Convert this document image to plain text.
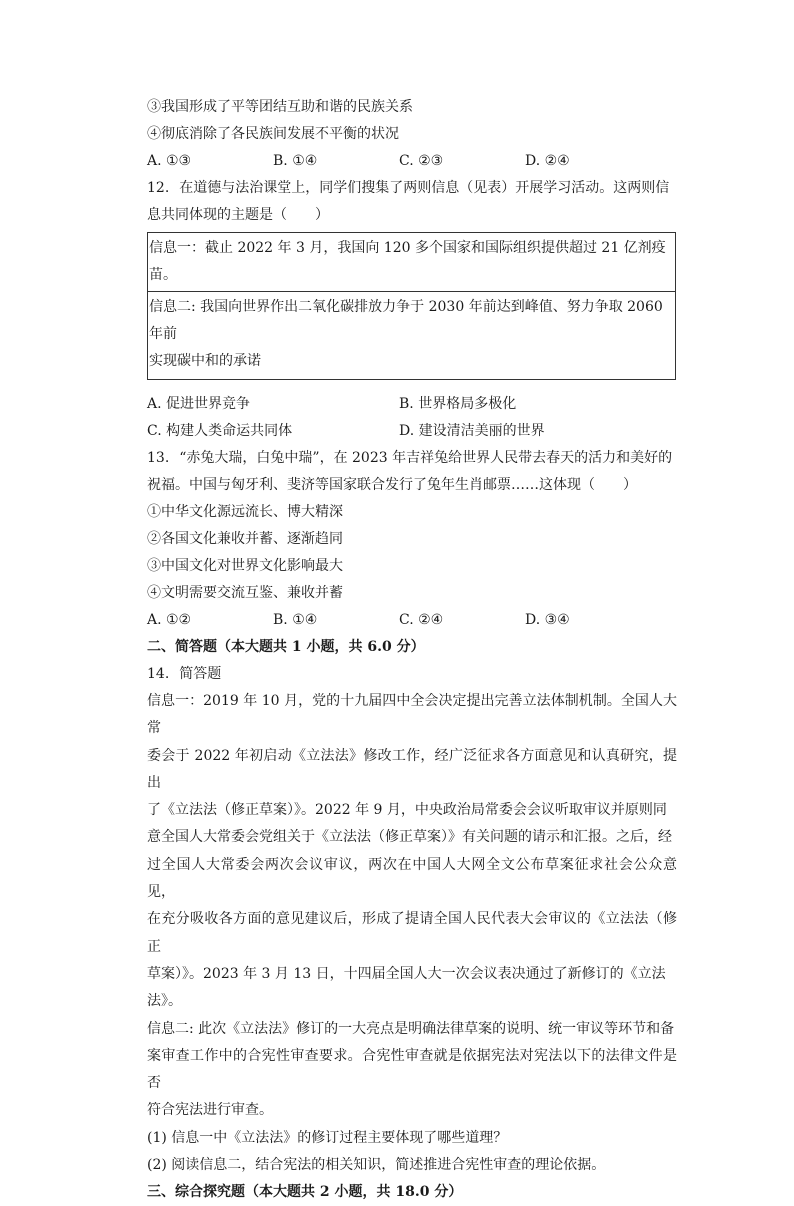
③我国形成了平等团结互助和谐的民族关系
④彻底消除了各民族间发展不平衡的状况
A. ①③	B. ①④	C. ②③	D. ②④
12. 在道德与法治课堂上，同学们搜集了两则信息（见表）开展学习活动。这两则信
息共同体现的主题是（　　）
信息一：截止 2022 年 3 月，我国向 120 多个国家和国际组织提供超过 21 亿剂疫苗。
信息二: 我国向世界作出二氧化碳排放力争于 2030 年前达到峰值、努力争取 2060 年前
实现碳中和的承诺
A. 促进世界竞争	B. 世界格局多极化
C. 构建人类命运共同体	D. 建设清洁美丽的世界
13. “赤兔大瑞，白兔中瑞”，在 2023 年吉祥兔给世界人民带去春天的活力和美好的
祝福。中国与匈牙利、斐济等国家联合发行了兔年生肖邮票……这体现（　　）
①中华文化源远流长、博大精深
②各国文化兼收并蓄、逐渐趋同
③中国文化对世界文化影响最大
④文明需要交流互鉴、兼收并蓄
A. ①②	B. ①④	C. ②④	D. ③④
二、简答题（本大题共 1 小题，共 6.0 分）
14. 简答题
信息一：2019 年 10 月，党的十九届四中全会决定提出完善立法体制机制。全国人大常
委会于 2022 年初启动《立法法》修改工作，经广泛征求各方面意见和认真研究，提出
了《立法法（修正草案）》。2022 年 9 月，中央政治局常委会会议听取审议并原则同
意全国人大常委会党组关于《立法法（修正草案）》有关问题的请示和汇报。之后，经
过全国人大常委会两次会议审议，两次在中国人大网全文公布草案征求社会公众意见，
在充分吸收各方面的意见建议后，形成了提请全国人民代表大会审议的《立法法（修正
草案）》。2023 年 3 月 13 日，十四届全国人大一次会议表决通过了新修订的《立法
法》。
信息二: 此次《立法法》修订的一大亮点是明确法律草案的说明、统一审议等环节和备
案审查工作中的合宪性审查要求。合宪性审查就是依据宪法对宪法以下的法律文件是否
符合宪法进行审查。
(1) 信息一中《立法法》的修订过程主要体现了哪些道理？
(2) 阅读信息二，结合宪法的相关知识，简述推进合宪性审查的理论依据。
三、综合探究题（本大题共 2 小题，共 18.0 分）
